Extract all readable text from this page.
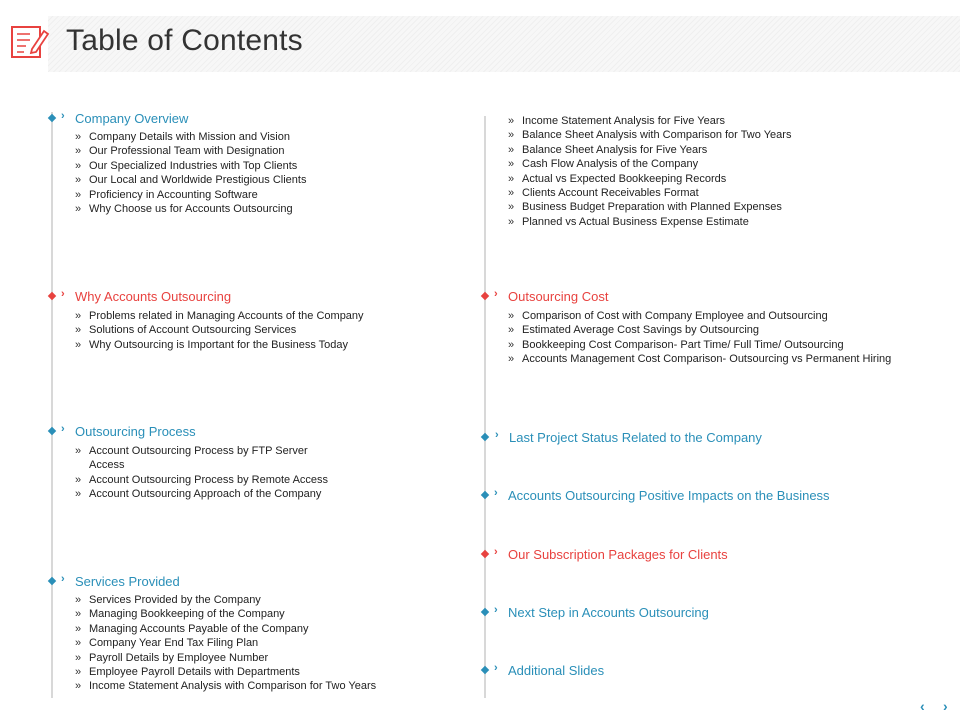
Table of Contents
› Company Overview
» Company Details with Mission and Vision
» Our Professional Team with Designation
» Our Specialized Industries with Top Clients
» Our Local and Worldwide Prestigious Clients
» Proficiency in Accounting Software
» Why Choose us for Accounts Outsourcing
› Why Accounts Outsourcing
» Problems related in Managing Accounts of the Company
» Solutions of Account Outsourcing Services
» Why Outsourcing is Important for the Business Today
› Outsourcing Process
» Account Outsourcing Process by FTP Server Access
» Account Outsourcing Process by Remote Access
» Account Outsourcing Approach of the Company
› Services Provided
» Services Provided by the Company
» Managing Bookkeeping of the Company
» Managing Accounts Payable of the Company
» Company Year End Tax Filing Plan
» Payroll Details by Employee Number
» Employee Payroll Details with Departments
» Income Statement Analysis with Comparison for Two Years
» Income Statement Analysis for Five Years
» Balance Sheet Analysis with Comparison for Two Years
» Balance Sheet Analysis for Five Years
» Cash Flow Analysis of the Company
» Actual vs Expected Bookkeeping Records
» Clients Account Receivables Format
» Business Budget Preparation with Planned Expenses
» Planned vs Actual Business Expense Estimate
› Outsourcing Cost
» Comparison of Cost with Company Employee and Outsourcing
» Estimated Average Cost Savings by Outsourcing
» Bookkeeping Cost Comparison- Part Time/ Full Time/ Outsourcing
» Accounts Management Cost Comparison- Outsourcing vs Permanent Hiring
› Last Project Status Related to the Company
› Accounts Outsourcing Positive Impacts on the Business
› Our Subscription Packages for Clients
› Next Step in Accounts Outsourcing
› Additional Slides
‹ ›
